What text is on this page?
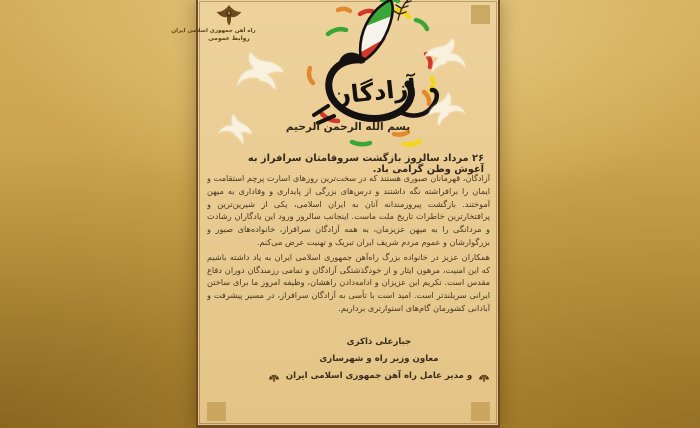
راه آهن جمهوری اسلامی ایران
روابط عمومی
آزادگان
بسم الله الرحمن الرحیم
۲۶ مرداد سالروز بازگشت سروقامتان سرافراز به آغوش وطن گرامی باد.

آزادگان، قهرمانان صبوری هستند که در سخت‌ترین روزهای اسارت پرچم استقامت و ایمان را برافراشته نگه داشتند و درس‌های بزرگی از پایداری و وفاداری به میهن آموختند. بازگشت پیروزمندانه آنان به ایران اسلامی، یکی از شیرین‌ترین و پرافتخارترین خاطرات تاریخ ملت ماست. اینجانب سالروز ورود این یادگاران رشادت و مردانگی را به میهن عزیزمان، به همه آزادگان سرافراز، خانواده‌های صبور و بزرگوارشان و عموم مردم شریف ایران تبریک و تهنیت عرض می‌کنم.

همکاران عزیز در خانواده بزرگ راه‌آهن جمهوری اسلامی ایران به یاد داشته باشیم که این امنیت، مرهون ایثار و از خودگذشتگی آزادگان و تمامی رزمندگان دوران دفاع مقدس است. تکریم این عزیزان و ادامه‌دادن راهشان، وظیفه امروز ما برای ساختن ایرانی سربلندتر است. امید است با تأسی به آزادگان سرافراز، در مسیر پیشرفت و آبادانی کشورمان گام‌های استوارتری برداریم.

جبارعلی ذاکری
معاون وزیر راه و شهرسازی
و مدیر عامل راه آهن جمهوری اسلامی ایران
